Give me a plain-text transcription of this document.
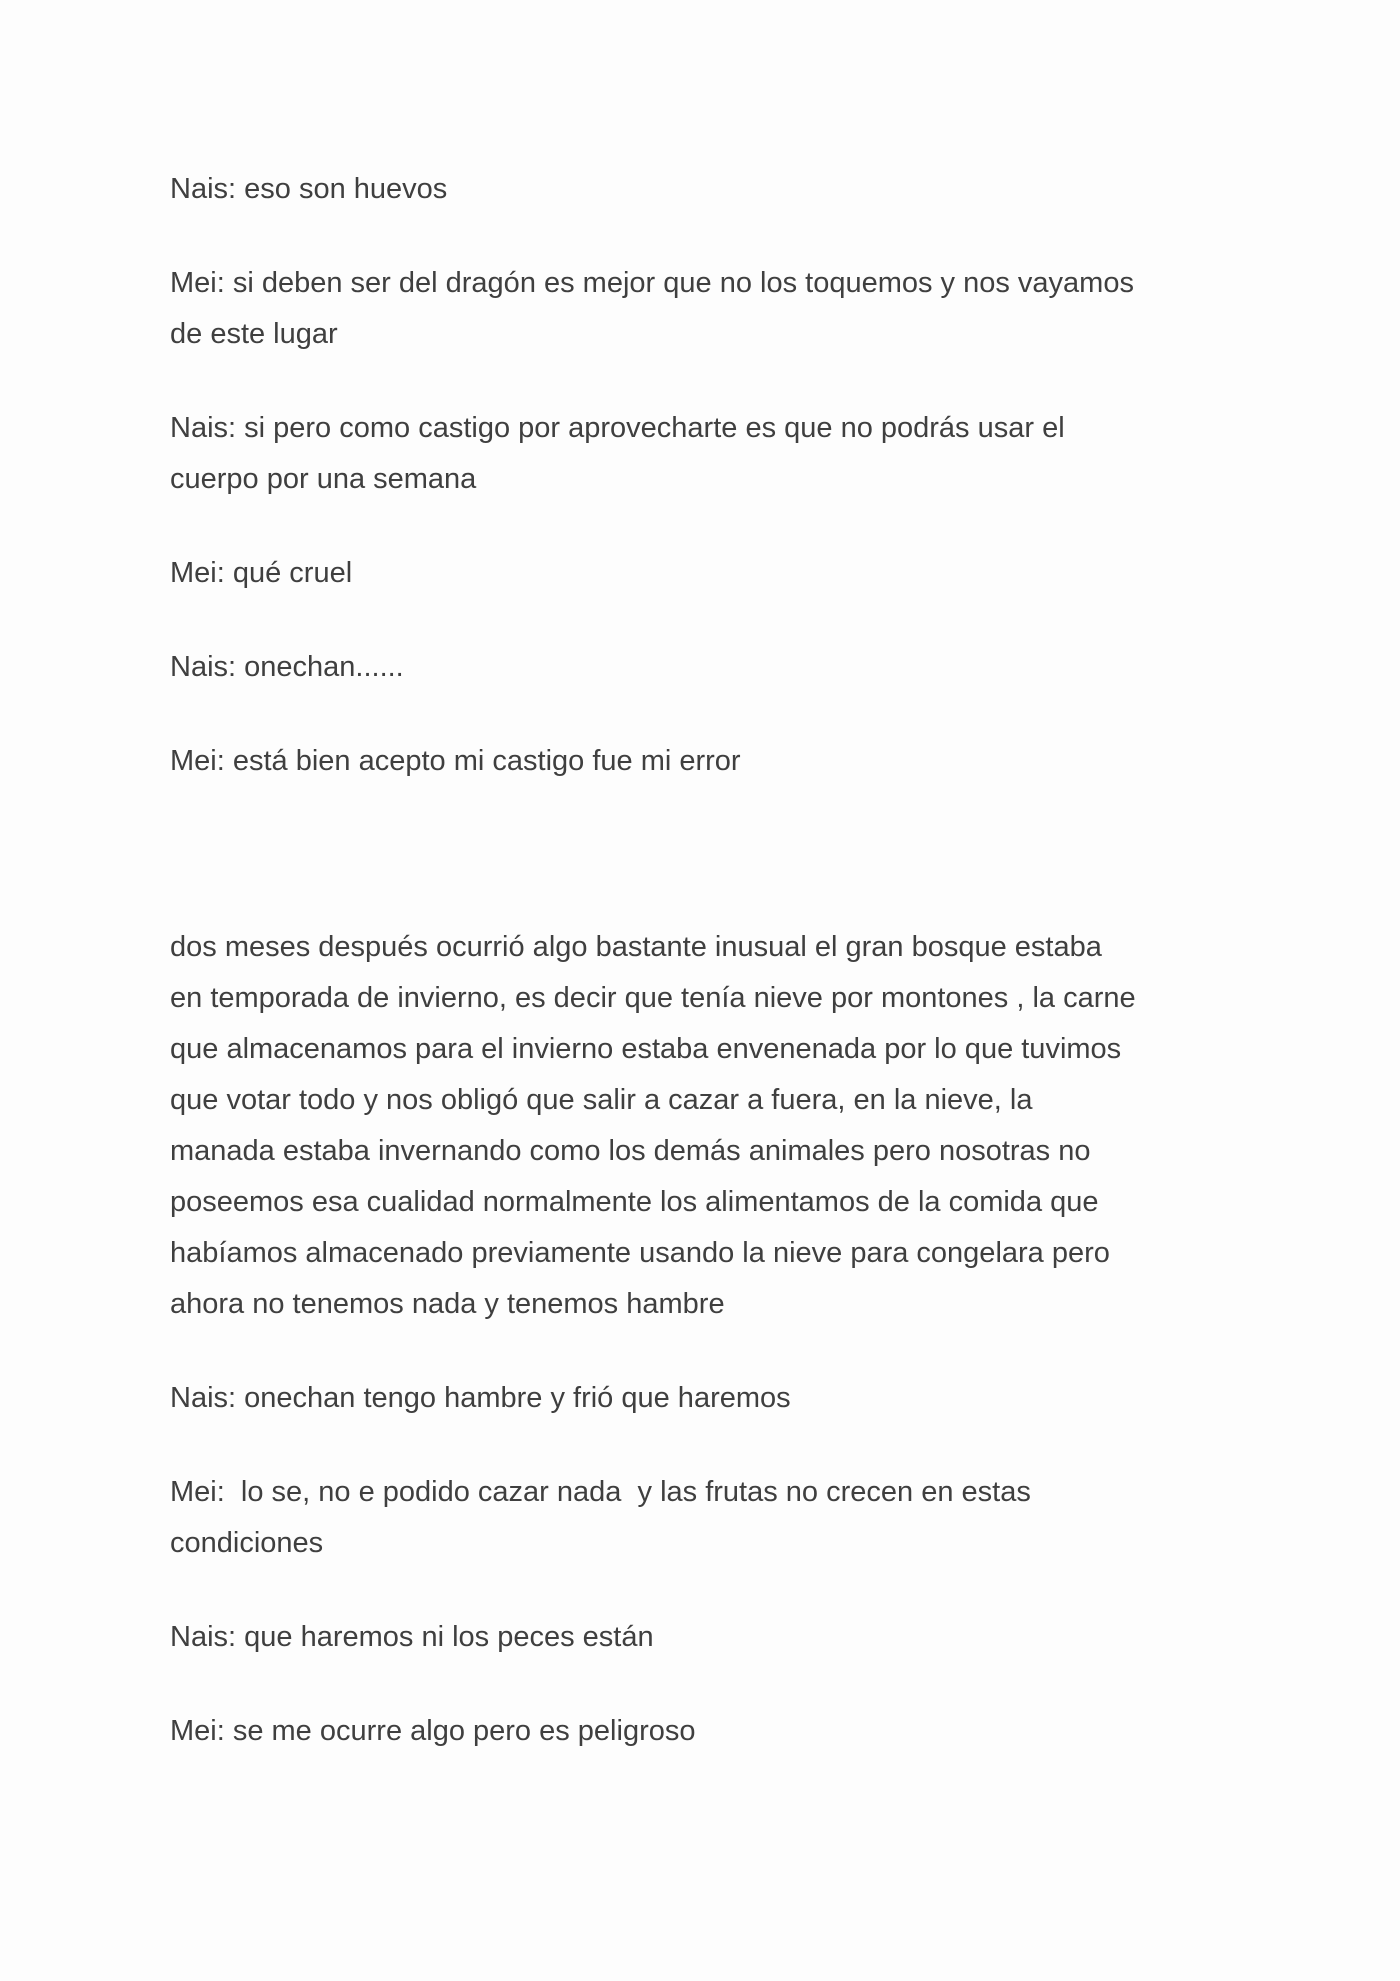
Nais: eso son huevos

Mei: si deben ser del dragón es mejor que no los toquemos y nos vayamos
de este lugar

Nais: si pero como castigo por aprovecharte es que no podrás usar el
cuerpo por una semana

Mei: qué cruel

Nais: onechan......

Mei: está bien acepto mi castigo fue mi error

dos meses después ocurrió algo bastante inusual el gran bosque estaba
en temporada de invierno, es decir que tenía nieve por montones , la carne
que almacenamos para el invierno estaba envenenada por lo que tuvimos
que votar todo y nos obligó que salir a cazar a fuera, en la nieve, la
manada estaba invernando como los demás animales pero nosotras no
poseemos esa cualidad normalmente los alimentamos de la comida que
habíamos almacenado previamente usando la nieve para congelara pero
ahora no tenemos nada y tenemos hambre

Nais: onechan tengo hambre y frió que haremos

Mei:  lo se, no e podido cazar nada  y las frutas no crecen en estas
condiciones

Nais: que haremos ni los peces están

Mei: se me ocurre algo pero es peligroso
